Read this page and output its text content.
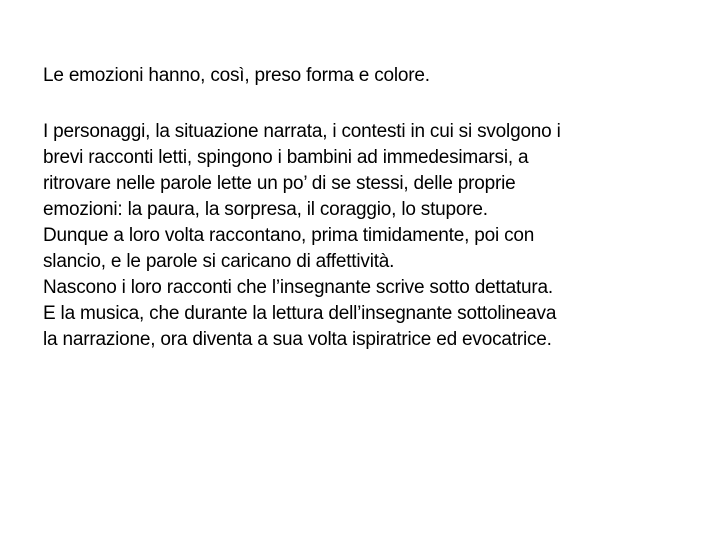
Le emozioni hanno, così, preso forma e colore.
I personaggi, la situazione narrata, i contesti in cui si svolgono i
brevi racconti letti, spingono i bambini ad immedesimarsi, a
ritrovare nelle parole lette un po’ di se stessi, delle proprie
emozioni: la paura, la sorpresa, il coraggio, lo stupore.
Dunque a loro volta raccontano, prima timidamente, poi con
slancio, e le parole si caricano di affettività.
Nascono i loro racconti che l’insegnante scrive sotto dettatura.
E la musica, che durante la lettura dell’insegnante sottolineava
la narrazione, ora diventa a sua volta ispiratrice ed evocatrice.
